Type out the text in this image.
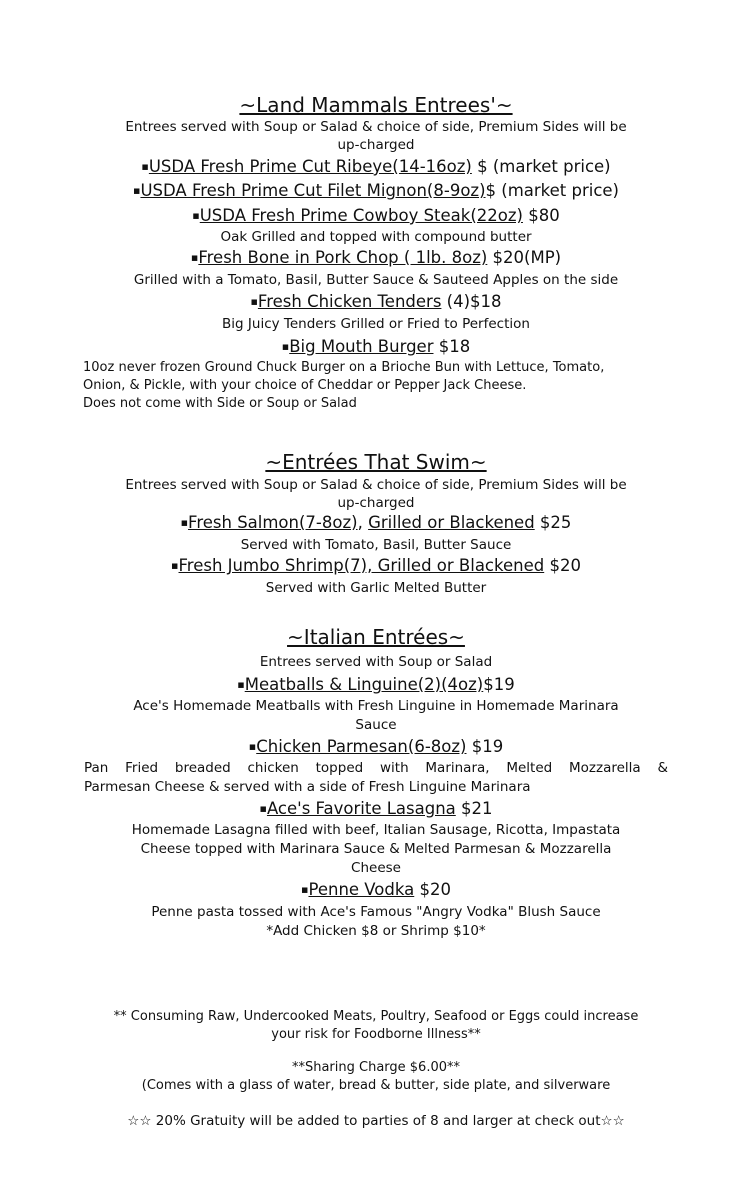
~Land Mammals Entrees'~
Entrees served with Soup or Salad & choice of side, Premium Sides will be
up-charged
▪USDA Fresh Prime Cut Ribeye(14-16oz) $ (market price)
▪USDA Fresh Prime Cut Filet Mignon(8-9oz)$ (market price)
▪USDA Fresh Prime Cowboy Steak(22oz) $80
Oak Grilled and topped with compound butter
▪Fresh Bone in Pork Chop ( 1lb. 8oz) $20(MP)
Grilled with a Tomato, Basil, Butter Sauce & Sauteed Apples on the side
▪Fresh Chicken Tenders (4)$18
Big Juicy Tenders Grilled or Fried to Perfection
▪Big Mouth Burger $18
10oz never frozen Ground Chuck Burger on a Brioche Bun with Lettuce, Tomato,
Onion, & Pickle, with your choice of Cheddar or Pepper Jack Cheese.
Does not come with Side or Soup or Salad
~Entrées That Swim~
Entrees served with Soup or Salad & choice of side, Premium Sides will be
up-charged
▪Fresh Salmon(7-8oz), Grilled or Blackened $25
Served with Tomato, Basil, Butter Sauce
▪Fresh Jumbo Shrimp(7), Grilled or Blackened $20
Served with Garlic Melted Butter
~Italian Entrées~
Entrees served with Soup or Salad
▪Meatballs & Linguine(2)(4oz)$19
Ace's Homemade Meatballs with Fresh Linguine in Homemade Marinara
Sauce
▪Chicken Parmesan(6-8oz) $19
Pan Fried breaded chicken topped with Marinara, Melted Mozzarella &
Parmesan Cheese & served with a side of Fresh Linguine Marinara
▪Ace's Favorite Lasagna $21
Homemade Lasagna filled with beef, Italian Sausage, Ricotta, Impastata
Cheese topped with Marinara Sauce & Melted Parmesan & Mozzarella
Cheese
▪Penne Vodka $20
Penne pasta tossed with Ace's Famous "Angry Vodka" Blush Sauce
*Add Chicken $8 or Shrimp $10*
** Consuming Raw, Undercooked Meats, Poultry, Seafood or Eggs could increase
your risk for Foodborne Illness**
**Sharing Charge $6.00**
(Comes with a glass of water, bread & butter, side plate, and silverware
☆☆ 20% Gratuity will be added to parties of 8 and larger at check out☆☆
